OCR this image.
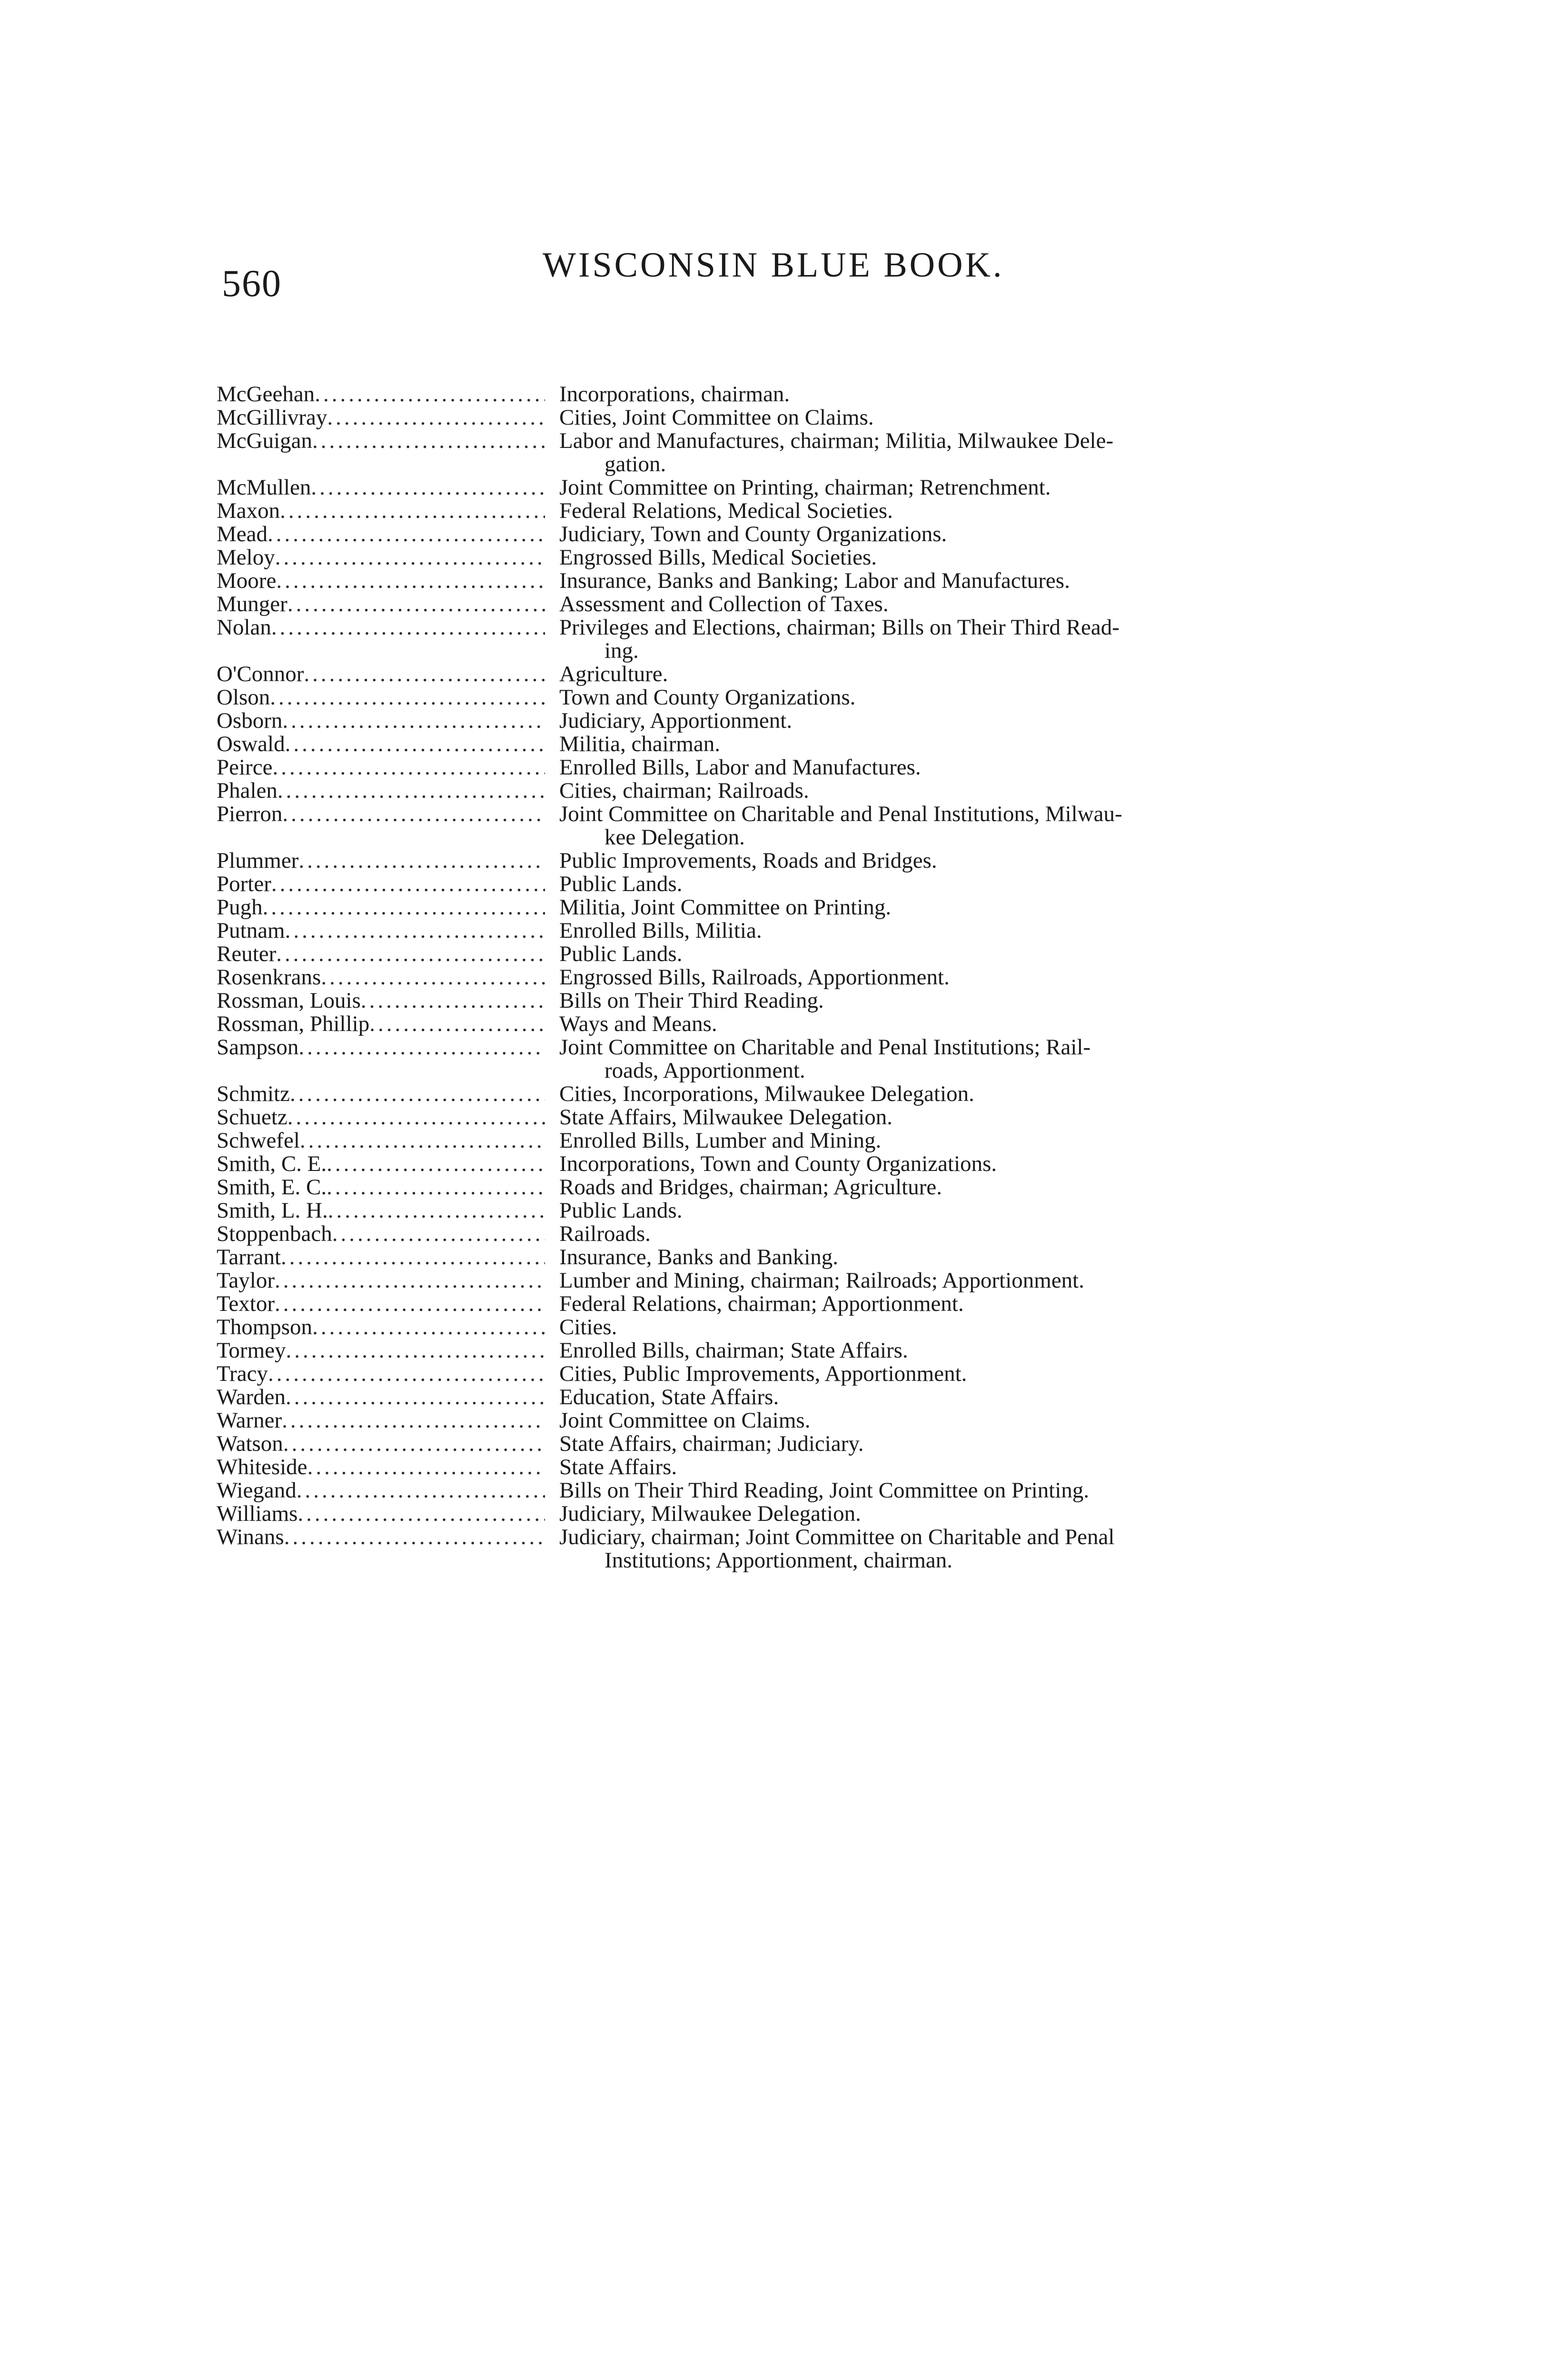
560	WISCONSIN BLUE BOOK.
McGeehan .....	Incorporations, chairman.
McGillivray .....	Cities, Joint Committee on Claims.
McGuigan .....	Labor and Manufactures, chairman; Militia, Milwaukee Dele-
gation.
McMullen .....	Joint Committee on Printing, chairman; Retrenchment.
Maxon .....	Federal Relations, Medical Societies.
Mead .....	Judiciary, Town and County Organizations.
Meloy .....	Engrossed Bills, Medical Societies.
Moore .....	Insurance, Banks and Banking; Labor and Manufactures.
Munger .....	Assessment and Collection of Taxes.
Nolan .....	Privileges and Elections, chairman; Bills on Their Third Read-
ing.
O'Connor .....	Agriculture.
Olson .....	Town and County Organizations.
Osborn .....	Judiciary, Apportionment.
Oswald .....	Militia, chairman.
Peirce .....	Enrolled Bills, Labor and Manufactures.
Phalen .....	Cities, chairman; Railroads.
Pierron .....	Joint Committee on Charitable and Penal Institutions, Milwau-
kee Delegation.
Plummer .....	Public Improvements, Roads and Bridges.
Porter .....	Public Lands.
Pugh .....	Militia, Joint Committee on Printing.
Putnam .....	Enrolled Bills, Militia.
Reuter .....	Public Lands.
Rosenkrans .....	Engrossed Bills, Railroads, Apportionment.
Rossman, Louis .....	Bills on Their Third Reading.
Rossman, Phillip .....	Ways and Means.
Sampson .....	Joint Committee on Charitable and Penal Institutions; Rail-
roads, Apportionment.
Schmitz .....	Cities, Incorporations, Milwaukee Delegation.
Schuetz .....	State Affairs, Milwaukee Delegation.
Schwefel .....	Enrolled Bills, Lumber and Mining.
Smith, C. E. .....	Incorporations, Town and County Organizations.
Smith, E. C. .....	Roads and Bridges, chairman; Agriculture.
Smith, L. H. .....	Public Lands.
Stoppenbach .....	Railroads.
Tarrant .....	Insurance, Banks and Banking.
Taylor .....	Lumber and Mining, chairman; Railroads; Apportionment.
Textor .....	Federal Relations, chairman; Apportionment.
Thompson .....	Cities.
Tormey .....	Enrolled Bills, chairman; State Affairs.
Tracy .....	Cities, Public Improvements, Apportionment.
Warden .....	Education, State Affairs.
Warner .....	Joint Committee on Claims.
Watson .....	State Affairs, chairman; Judiciary.
Whiteside .....	State Affairs.
Wiegand .....	Bills on Their Third Reading, Joint Committee on Printing.
Williams .....	Judiciary, Milwaukee Delegation.
Winans .....	Judiciary, chairman; Joint Committee on Charitable and Penal
Institutions; Apportionment, chairman.
